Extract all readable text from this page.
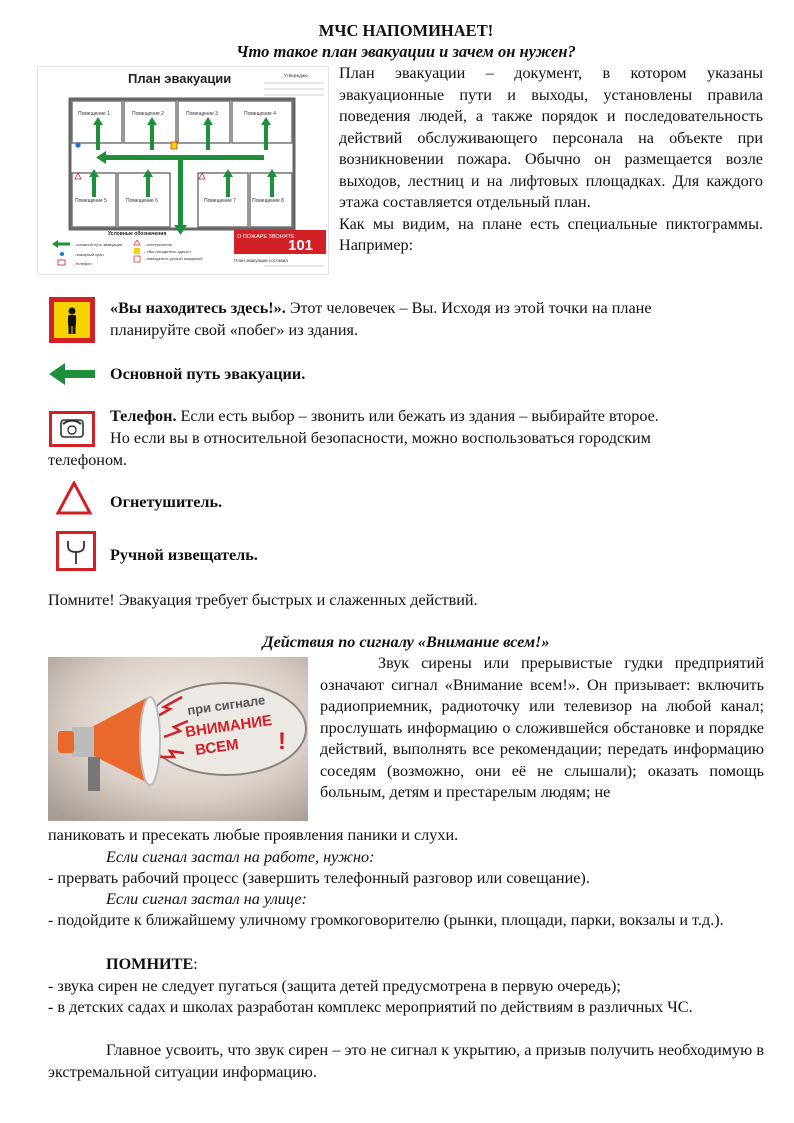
МЧС НАПОМИНАЕТ!
Что такое план эвакуации и зачем он нужен?
План эвакуации	Утверждаю
Помещение 1	Помещение 2	Помещение 3	Помещение 4
Помещение 5	Помещение 6	Помещение 7	Помещение 8
Условные обозначения
- основной путь эвакуации
- пожарный кран
- телефон
- огнетушитель
- «Вы находитесь здесь!»
- извещатель ручной пожарный
О ПОЖАРЕ ЗВОНИТЕ
101
План эвакуации составил

План эвакуации – документ, в котором указаны эвакуационные пути и выходы, установлены правила поведения людей, а также порядок и последовательность действий обслуживающего персонала на объекте при возникновении пожара. Обычно он размещается возле выходов, лестниц и на лифтовых площадках. Для каждого этажа составляется отдельный план.

Как мы видим, на плане есть специальные пиктограммы. Например:

«Вы находитесь здесь!». Этот человечек – Вы. Исходя из этой точки на плане
планируйте свой «побег» из здания.
Основной путь эвакуации.
Телефон. Если есть выбор – звонить или бежать из здания – выбирайте второе.
Но если вы в относительной безопасности, можно воспользоваться городским
телефоном.
Огнетушитель.
Ручной извещатель.
Помните! Эвакуация требует быстрых и слаженных действий.
Действия по сигналу «Внимание всем!»
при сигнале
ВНИМАНИЕ
ВСЕМ !

Звук сирены или прерывистые гудки предприятий означают сигнал «Внимание всем!». Он призывает: включить радиоприемник, радиоточку или телевизор на любой канал; прослушать информацию о сложившейся обстановке и порядке действий, выполнять все рекомендации; передать информацию соседям (возможно, они её не слышали); оказать помощь больным, детям и престарелым людям; не

паниковать и пресекать любые проявления паники и слухи.
Если сигнал застал на работе, нужно:
- прервать рабочий процесс (завершить телефонный разговор или совещание).
Если сигнал застал на улице:
- подойдите к ближайшему уличному громкоговорителю (рынки, площади, парки, вокзалы и т.д.).
ПОМНИТЕ:
- звука сирен не следует пугаться (защита детей предусмотрена в первую очередь);
- в детских садах и школах разработан комплекс мероприятий по действиям в различных ЧС.
Главное усвоить, что звук сирен – это не сигнал к укрытию, а призыв получить необходимую в экстремальной ситуации информацию.
